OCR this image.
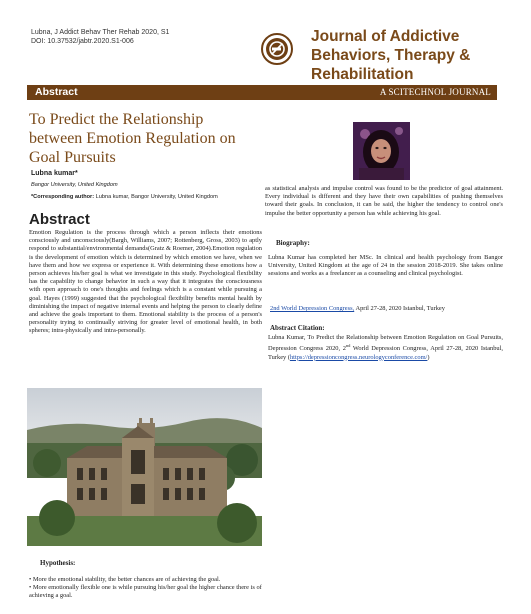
Lubna, J Addict Behav Ther Rehab 2020, S1
DOI: 10.37532/jabtr.2020.S1-006	Journal of Addictive
Behaviors, Therapy &
Rehabilitation
Abstract	A SCITECHNOL JOURNAL
To Predict the Relationship
between Emotion Regulation on
Goal Pursuits
Lubna kumar*
Bangor University, United Kingdom
*Corresponding author: Lubna kumar, Bangor University, United Kingdom
Abstract
Emotion Regulation is the process through which a person inflects their emotions consciously and unconsciously(Bargh, Williams, 2007; Rottenberg, Gross, 2003) to aptly respond to substantial/environmental demands(Gratz & Roemer, 2004).Emotion regulation is the development of emotion which is determined by which emotion we have, when we have them and how we express or experience it. With determining these emotions how a person achieves his/her goal is what we investigate in this study. Psychological flexibility has the capability to change behavior in such a way that it integrates the consciousness with open approach to one's thoughts and feelings which is a constant while pursuing a goal. Hayes (1999) suggested that the psychological flexibility benefits mental health by diminishing the impact of negative internal events and helping the person to clearly define and achieve the goals important to them. Emotional stability is the process of a person's personality trying to continually striving for greater level of emotional health, in both spheres; intra-physically and intra-personally.
as statistical analysis and impulse control was found to be the predictor of goal attainment. Every individual is different and they have their own capabilities of pushing themselves toward their goals. In conclusion, it can be said, the higher the tendency to control one's impulse the better opportunity a person has while achieving his goal.
Biography:
Lubna Kumar has completed her MSc. In clinical and health psychology from Bangor University, United Kingdom at the age of 24 in the session 2018-2019. She takes online sessions and works as a freelancer as a counseling and clinical psychologist.
2nd World Depression Congress, April 27-28, 2020 Istanbul, Turkey
Abstract Citation:
Lubna Kumar, To Predict the Relationship between Emotion Regulation on Goal Pursuits, Depression Congress 2020, 2nd World Depression Congress, April 27-28, 2020 Istanbul, Turkey (https://depressioncongress.neurologyconference.com/)
Hypothesis:
• More the emotional stability, the better chances are of achieving the goal.
• More emotionally flexible one is while pursuing his/her goal the higher chance there is of achieving a goal.
